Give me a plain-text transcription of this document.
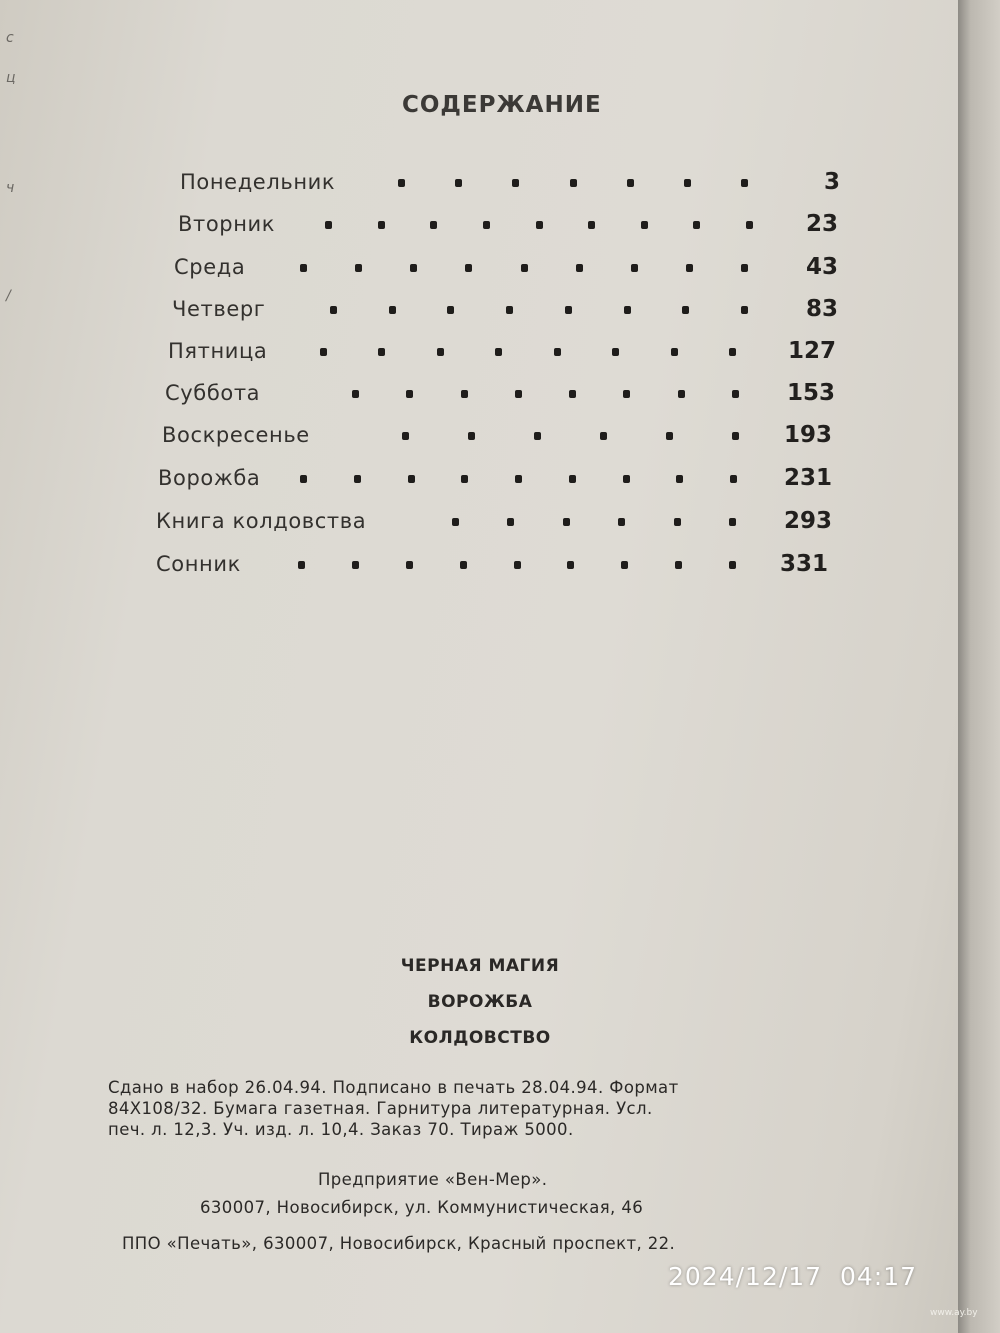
с
ц
ч
/
СОДЕРЖАНИЕ
Понедельник	3
Вторник	23
Среда	43
Четверг	83
Пятница	127
Суббота	153
Воскресенье	193
Ворожба	231
Книга колдовства	293
Сонник	331
ЧЕРНАЯ МАГИЯ
ВОРОЖБА
КОЛДОВСТВО
Сдано в набор 26.04.94. Подписано в печать 28.04.94. Формат
84Х108/32. Бумага газетная. Гарнитура литературная. Усл.
печ. л. 12,3. Уч. изд. л. 10,4. Заказ 70. Тираж 5000.
Предприятие «Вен-Мер».
630007, Новосибирск, ул. Коммунистическая, 46
ППО «Печать», 630007, Новосибирск, Красный проспект, 22.
2024/12/17  04:17
www.ay.by
